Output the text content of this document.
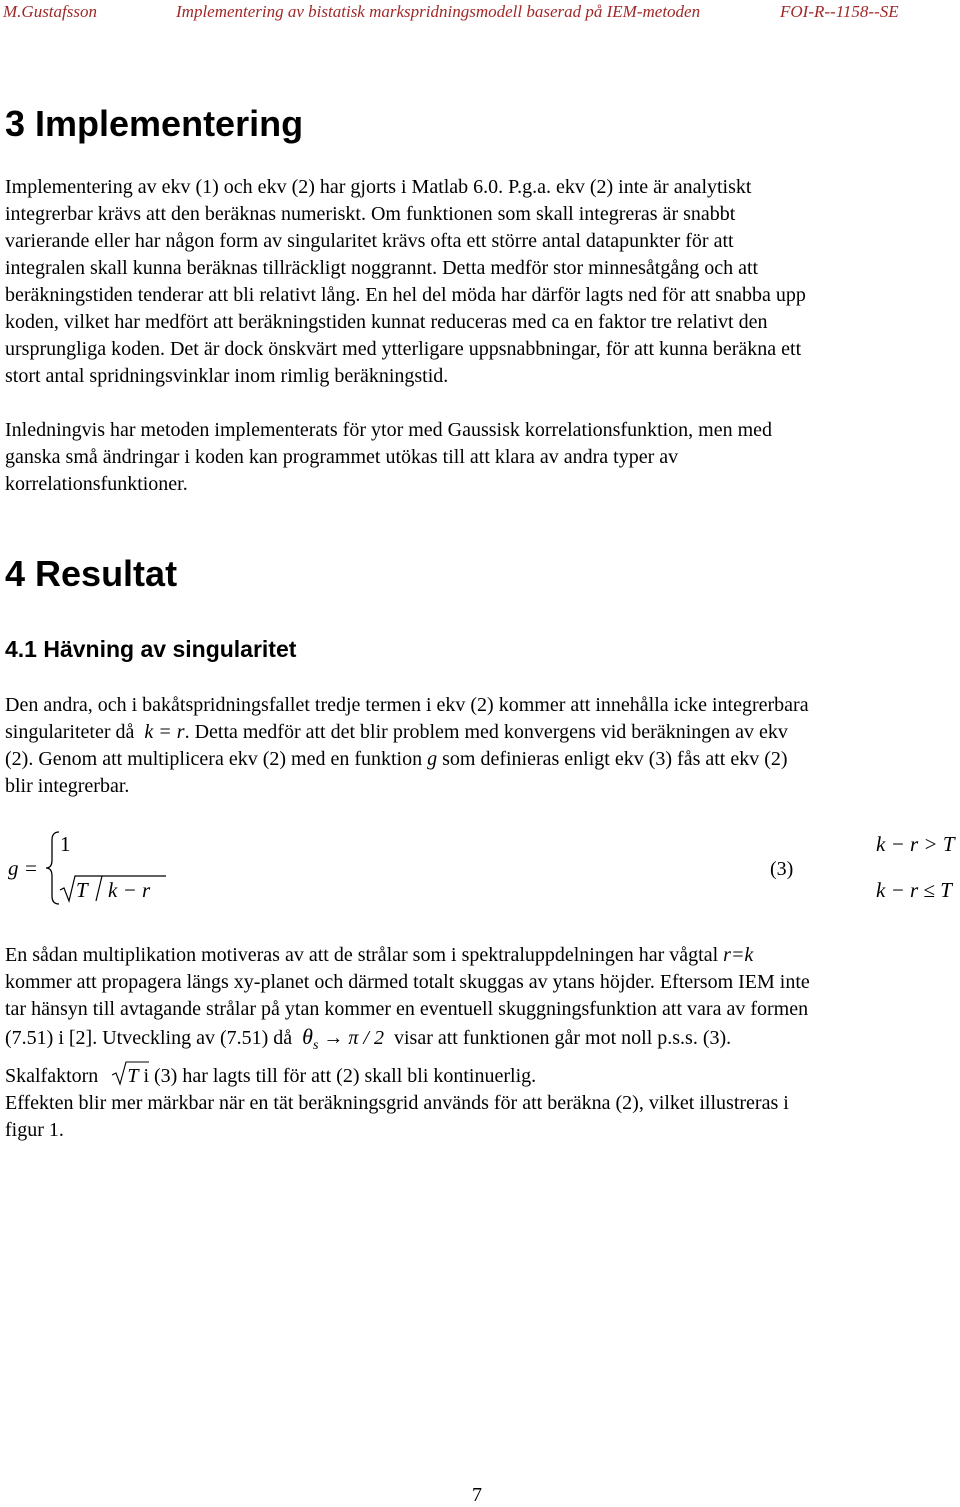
M.Gustafsson	Implementering av bistatisk markspridningsmodell baserad på IEM-metoden	FOI-R--1158--SE
3 Implementering
Implementering av ekv (1) och ekv (2) har gjorts i Matlab 6.0. P.g.a. ekv (2) inte är analytiskt
integrerbar krävs att den beräknas numeriskt. Om funktionen som skall integreras är snabbt
varierande eller har någon form av singularitet krävs ofta ett större antal datapunkter för att
integralen skall kunna beräknas tillräckligt noggrannt. Detta medför stor minnesåtgång och att
beräkningstiden tenderar att bli relativt lång. En hel del möda har därför lagts ned för att snabba upp
koden, vilket har medfört att beräkningstiden kunnat reduceras med ca en faktor tre relativt den
ursprungliga koden. Det är dock önskvärt med ytterligare uppsnabbningar, för att kunna beräkna ett
stort antal spridningsvinklar inom rimlig beräkningstid.
Inledningvis har metoden implementerats för ytor med Gaussisk korrelationsfunktion, men med
ganska små ändringar i koden kan programmet utökas till att klara av andra typer av
korrelationsfunktioner.
4 Resultat
4.1 Hävning av singularitet
Den andra, och i bakåtspridningsfallet tredje termen i ekv (2) kommer att innehålla icke integrerbara
singulariteter då k = r. Detta medför att det blir problem med konvergens vid beräkningen av ekv
(2). Genom att multiplicera ekv (2) med en funktion g som definieras enligt ekv (3) fås att ekv (2)
blir integrerbar.
g =
1	k − r > T
T k − r	k − r ≤ T
(3)
En sådan multiplikation motiveras av att de strålar som i spektraluppdelningen har vågtal r=k
kommer att propagera längs xy-planet och därmed totalt skuggas av ytans höjder. Eftersom IEM inte
tar hänsyn till avtagande strålar på ytan kommer en eventuell skuggningsfunktion att vara av formen
(7.51) i [2]. Utveckling av (7.51) då $\theta_s \to \pi / 2$ visar att funktionen går mot noll p.s.s. (3).
Skalfaktorn T i (3) har lagts till för att (2) skall bli kontinuerlig.
Effekten blir mer märkbar när en tät beräkningsgrid används för att beräkna (2), vilket illustreras i
figur 1.
7
